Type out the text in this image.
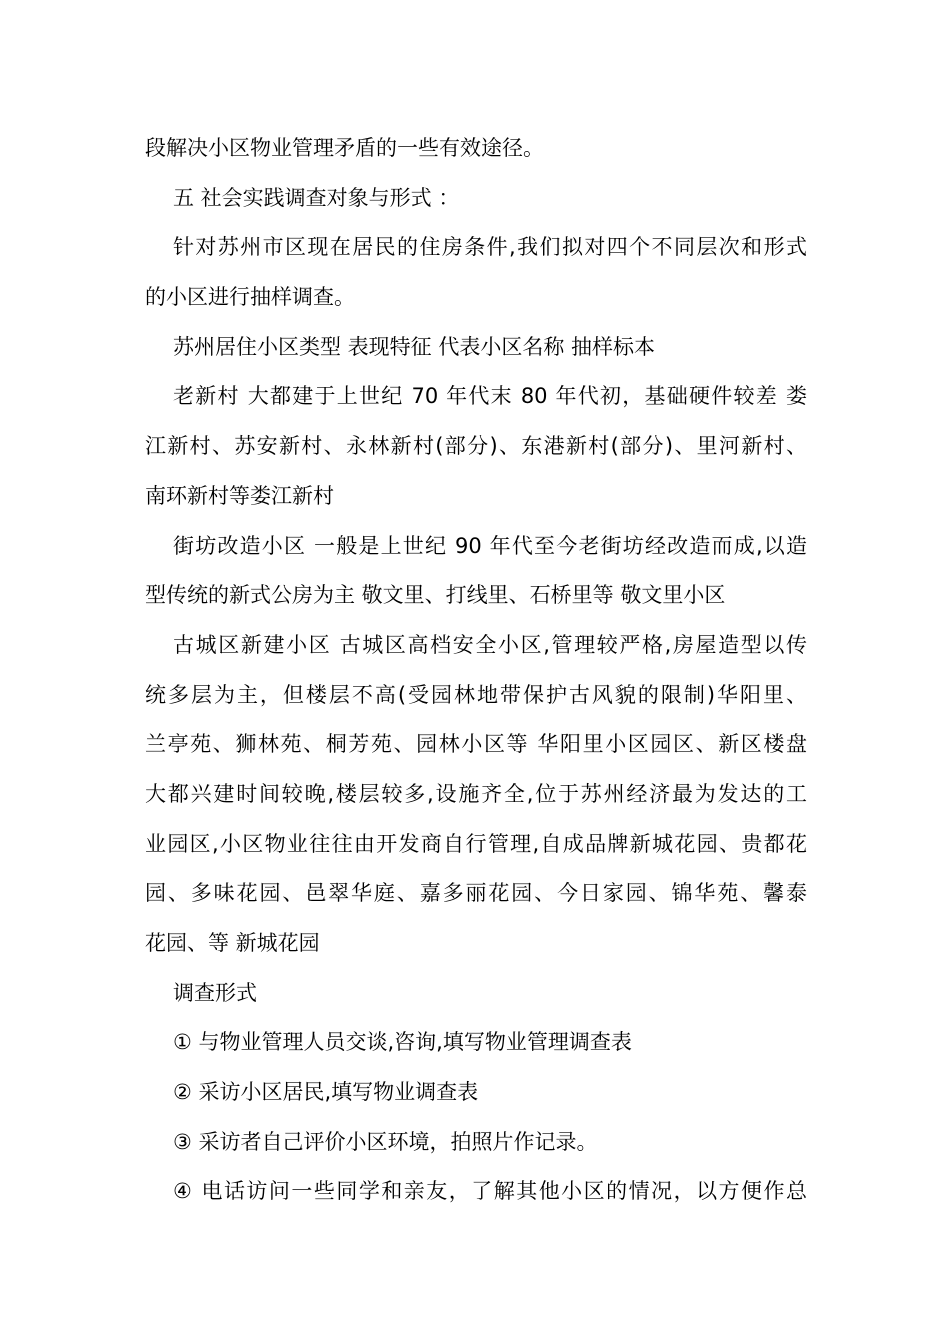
段解决小区物业管理矛盾的一些有效途径。
五 社会实践调查对象与形式 ：
针对苏州市区现在居民的住房条件,我们拟对四个不同层次和形式
的小区进行抽样调查。
苏州居住小区类型 表现特征 代表小区名称 抽样标本
老新村 大都建于上世纪 70 年代末 80 年代初，基础硬件较差 娄
江新村、苏安新村、永林新村(部分)、东港新村(部分)、里河新村、
南环新村等娄江新村
街坊改造小区 一般是上世纪 90 年代至今老街坊经改造而成,以造
型传统的新式公房为主 敬文里、打线里、石桥里等 敬文里小区
古城区新建小区 古城区高档安全小区,管理较严格,房屋造型以传
统多层为主，但楼层不高(受园林地带保护古风貌的限制)华阳里、
兰亭苑、狮林苑、桐芳苑、园林小区等 华阳里小区园区、新区楼盘
大都兴建时间较晚,楼层较多,设施齐全,位于苏州经济最为发达的工
业园区,小区物业往往由开发商自行管理,自成品牌新城花园、贵都花
园、多味花园、邑翠华庭、嘉多丽花园、今日家园、锦华苑、馨泰
花园、等 新城花园
调查形式
① 与物业管理人员交谈,咨询,填写物业管理调查表
② 采访小区居民,填写物业调查表
③ 采访者自己评价小区环境，拍照片作记录。
④ 电话访问一些同学和亲友，了解其他小区的情况，以方便作总
